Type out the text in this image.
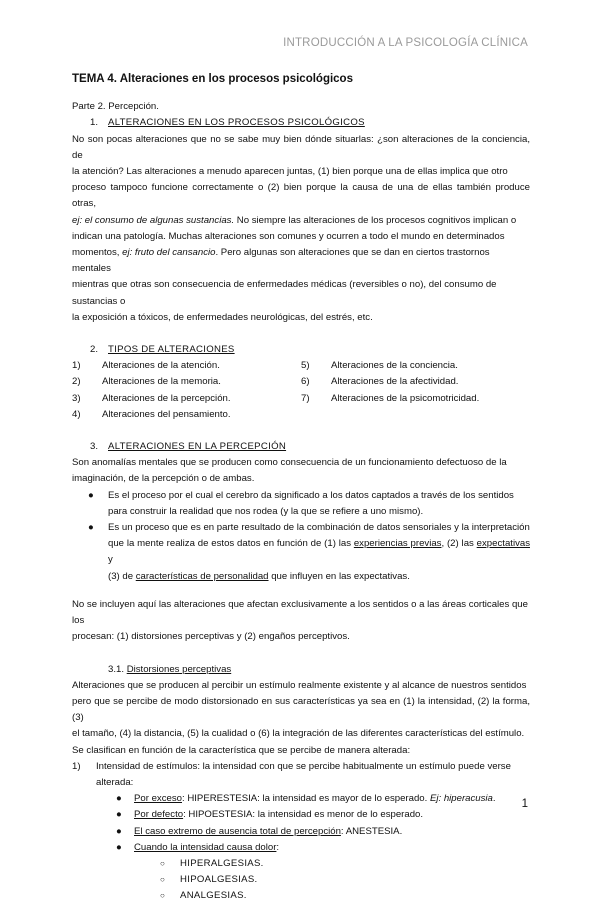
INTRODUCCIÓN A LA PSICOLOGÍA CLÍNICA
TEMA 4. Alteraciones en los procesos psicológicos

Parte 2. Percepción.

1. ALTERACIONES EN LOS PROCESOS PSICOLÓGICOS

No son pocas alteraciones que no se sabe muy bien dónde situarlas: ¿son alteraciones de la conciencia, de

la atención? Las alteraciones a menudo aparecen juntas, (1) bien porque una de ellas implica que otro

proceso tampoco funcione correctamente o (2) bien porque la causa de una de ellas también produce otras,

ej: el consumo de algunas sustancias. No siempre las alteraciones de los procesos cognitivos implican o

indican una patología. Muchas alteraciones son comunes y ocurren a todo el mundo en determinados

momentos, ej: fruto del cansancio. Pero algunas son alteraciones que se dan en ciertos trastornos mentales

mientras que otras son consecuencia de enfermedades médicas (reversibles o no), del consumo de sustancias o

la exposición a tóxicos, de enfermedades neurológicas, del estrés, etc.

2. TIPOS DE ALTERACIONES

1)	Alteraciones de la atención.
2)	Alteraciones de la memoria.
3)	Alteraciones de la percepción.
4)	Alteraciones del pensamiento.
5)	Alteraciones de la conciencia.
6)	Alteraciones de la afectividad.
7)	Alteraciones de la psicomotricidad.

3. ALTERACIONES EN LA PERCEPCIÓN

Son anomalías mentales que se producen como consecuencia de un funcionamiento defectuoso de la

imaginación, de la percepción o de ambas.

●	Es el proceso por el cual el cerebro da significado a los datos captados a través de los sentidos

para construir la realidad que nos rodea (y la que se refiere a uno mismo).

●	Es un proceso que es en parte resultado de la combinación de datos sensoriales y la interpretación

que la mente realiza de estos datos en función de (1) las experiencias previas, (2) las expectativas y

(3) de características de personalidad que influyen en las expectativas.

No se incluyen aquí las alteraciones que afectan exclusivamente a los sentidos o a las áreas corticales que los

procesan: (1) distorsiones perceptivas y (2) engaños perceptivos.

3.1. Distorsiones perceptivas

Alteraciones que se producen al percibir un estímulo realmente existente y al alcance de nuestros sentidos

pero que se percibe de modo distorsionado en sus características ya sea en (1) la intensidad, (2) la forma, (3)

el tamaño, (4) la distancia, (5) la cualidad o (6) la integración de las diferentes características del estímulo.

Se clasifican en función de la característica que se percibe de manera alterada:

1)	Intensidad de estímulos: la intensidad con que se percibe habitualmente un estímulo puede verse

alterada:

●	Por exceso: HIPERESTESIA: la intensidad es mayor de lo esperado. Ej: hiperacusia.
●	Por defecto: HIPOESTESIA: la intensidad es menor de lo esperado.
●	El caso extremo de ausencia total de percepción: ANESTESIA.
●	Cuando la intensidad causa dolor:
○	HIPERALGESIAS.
○	HIPOALGESIAS.
○	ANALGESIAS.
1
